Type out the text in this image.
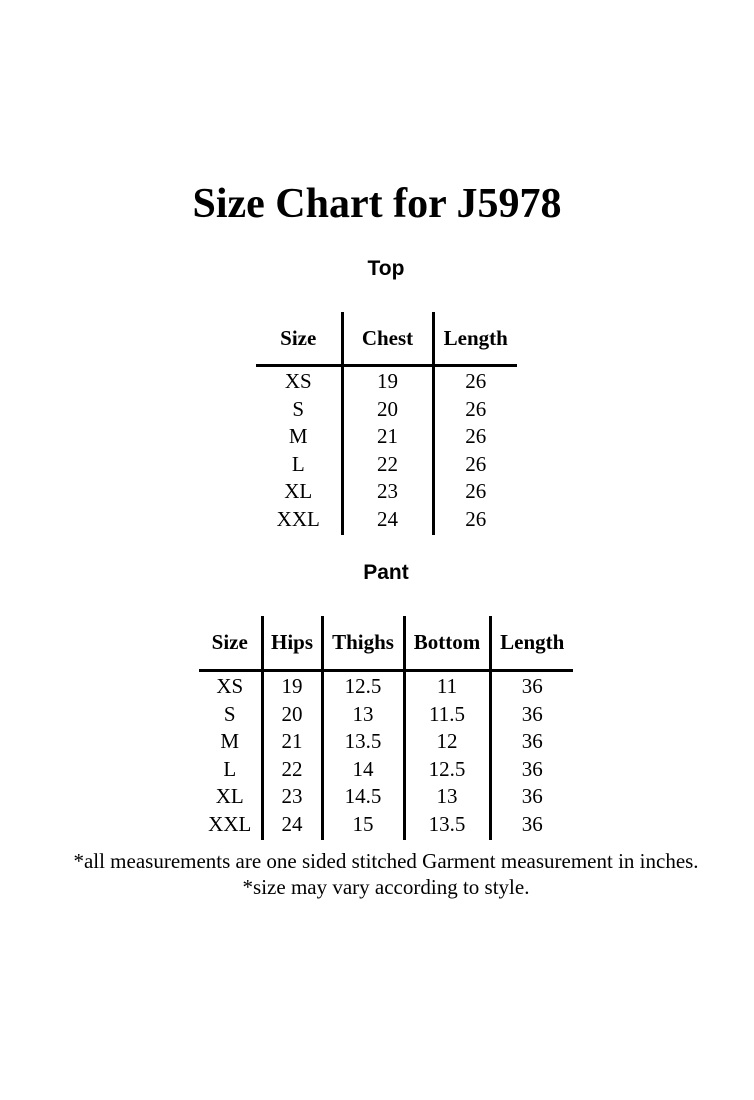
Size Chart for J5978
Top
Size	Chest	Length
XS	19	26
S	20	26
M	21	26
L	22	26
XL	23	26
XXL	24	26
Pant
Size	Hips	Thighs	Bottom	Length
XS	19	12.5	11	36
S	20	13	11.5	36
M	21	13.5	12	36
L	22	14	12.5	36
XL	23	14.5	13	36
XXL	24	15	13.5	36

*all measurements are one sided stitched Garment measurement in inches.

*size may vary according to style.
